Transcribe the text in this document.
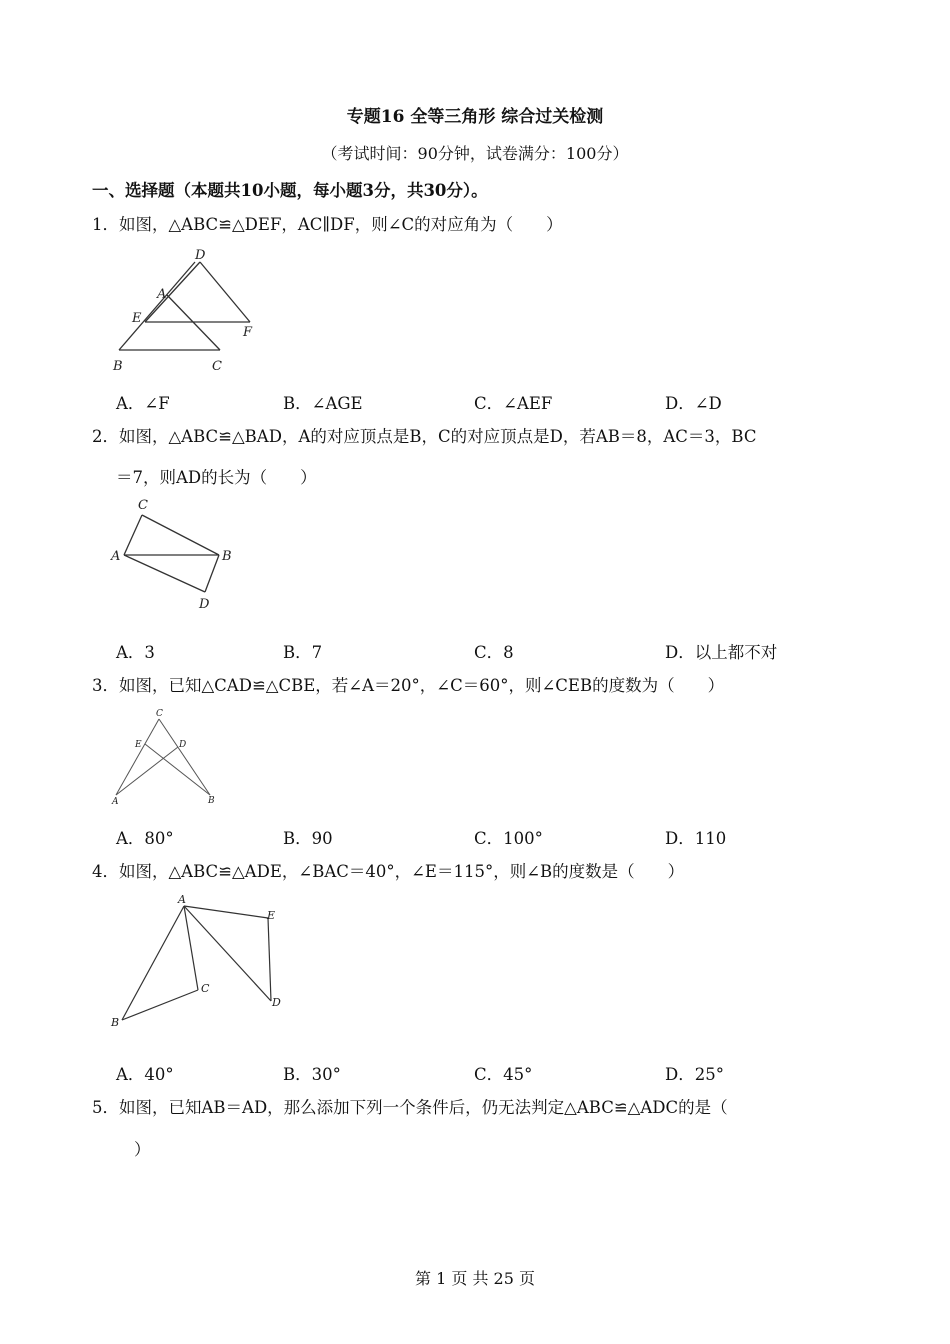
专题16 全等三角形 综合过关检测
（考试时间：90分钟，试卷满分：100分）
一、选择题（本题共10小题，每小题3分，共30分）。
1．如图，△ABC≌△DEF，AC∥DF，则∠C的对应角为（　　）
D
A
E
F
B	C
A．∠F	B．∠AGE	C．∠AEF	D．∠D
2．如图，△ABC≌△BAD，A的对应顶点是B，C的对应顶点是D，若AB＝8，AC＝3，BC
＝7，则AD的长为（　　）
C
A	B
D
A．3	B．7	C．8	D．以上都不对
3．如图，已知△CAD≌△CBE，若∠A＝20°，∠C＝60°，则∠CEB的度数为（　　）
C
E	D
A	B
A．80°	B．90	C．100°	D．110
4．如图，△ABC≌△ADE，∠BAC＝40°，∠E＝115°，则∠B的度数是（　　）
A
E
C
D
B
A．40°	B．30°	C．45°	D．25°
5．如图，已知AB＝AD，那么添加下列一个条件后，仍无法判定△ABC≌△ADC的是（
）
第 1 页 共 25 页
